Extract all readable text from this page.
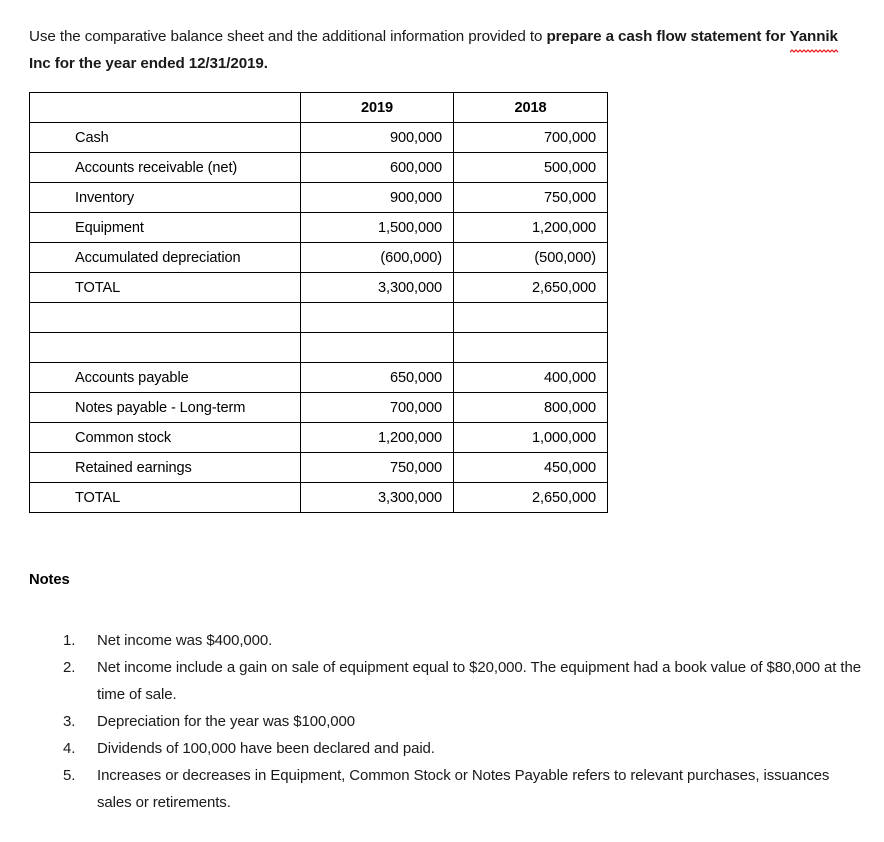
Use the comparative balance sheet and the additional information provided to prepare a cash flow statement for Yannik
Inc for the year ended 12/31/2019.

	2019	2018
Cash	900,000	700,000
Accounts receivable (net)	600,000	500,000
Inventory	900,000	750,000
Equipment	1,500,000	1,200,000
Accumulated depreciation	(600,000)	(500,000)
TOTAL	3,300,000	2,650,000

Accounts payable	650,000	400,000
Notes payable - Long-term	700,000	800,000
Common stock	1,200,000	1,000,000
Retained earnings	750,000	450,000
TOTAL	3,300,000	2,650,000
Notes
1.	Net income was $400,000.
2.	Net income include a gain on sale of equipment equal to $20,000. The equipment had a book value of $80,000 at the time of sale.
3.	Depreciation for the year was $100,000
4.	Dividends of 100,000 have been declared and paid.
5.	Increases or decreases in Equipment, Common Stock or Notes Payable refers to relevant purchases, issuances sales or retirements.
